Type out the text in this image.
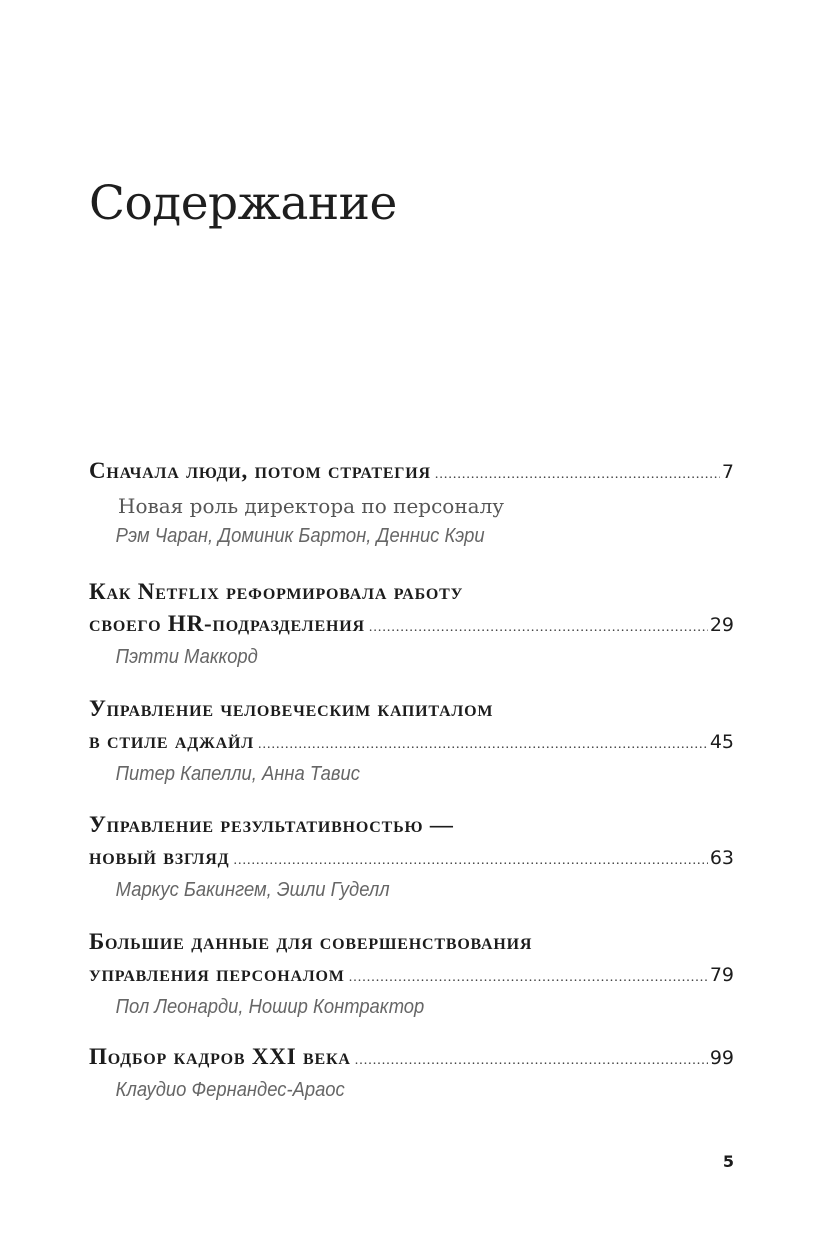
Содержание
Сначала люди, потом стратегия .....	7
Новая роль директора по персоналу
Рэм Чаран, Доминик Бартон, Деннис Кэри
Как Netflix реформировала работу
своего HR-подразделения .....	29
Пэтти Маккорд
Управление человеческим капиталом
в стиле аджайл .....	45
Питер Капелли, Анна Тавис
Управление результативностью —
новый взгляд .....	63
Маркус Бакингем, Эшли Гуделл
Большие данные для совершенствования
управления персоналом .....	79
Пол Леонарди, Ношир Контрактор
Подбор кадров XXI века .....	99
Клаудио Фернандес-Араос
5
